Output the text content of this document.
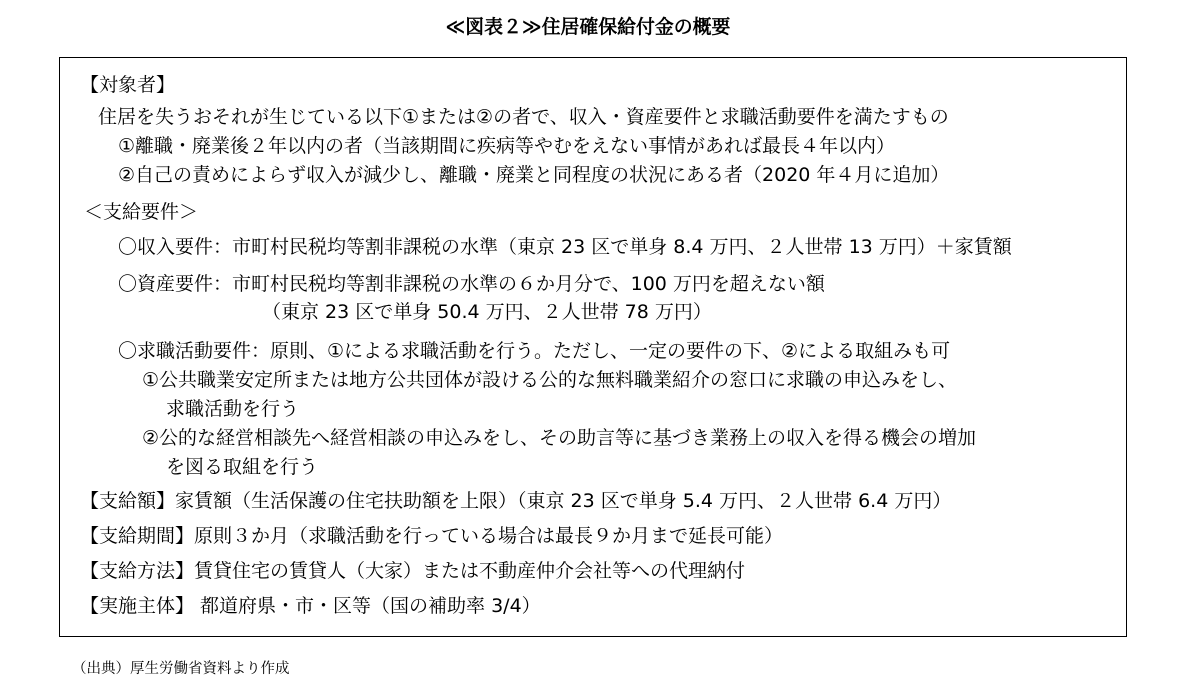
≪図表２≫住居確保給付金の概要
【対象者】
住居を失うおそれが生じている以下①または②の者で、収入・資産要件と求職活動要件を満たすもの
①離職・廃業後２年以内の者（当該期間に疾病等やむをえない事情があれば最長４年以内）
②自己の責めによらず収入が減少し、離職・廃業と同程度の状況にある者（2020 年４月に追加）
＜支給要件＞
〇収入要件：市町村民税均等割非課税の水準（東京 23 区で単身 8.4 万円、２人世帯 13 万円）＋家賃額
〇資産要件：市町村民税均等割非課税の水準の６か月分で、100 万円を超えない額
（東京 23 区で単身 50.4 万円、２人世帯 78 万円）
〇求職活動要件：原則、①による求職活動を行う。ただし、一定の要件の下、②による取組みも可
①公共職業安定所または地方公共団体が設ける公的な無料職業紹介の窓口に求職の申込みをし、
求職活動を行う
②公的な経営相談先へ経営相談の申込みをし、その助言等に基づき業務上の収入を得る機会の増加
を図る取組を行う
【支給額】家賃額（生活保護の住宅扶助額を上限）（東京 23 区で単身 5.4 万円、２人世帯 6.4 万円）
【支給期間】原則３か月（求職活動を行っている場合は最長９か月まで延長可能）
【支給方法】賃貸住宅の賃貸人（大家）または不動産仲介会社等への代理納付
【実施主体】 都道府県・市・区等（国の補助率 3/4）
（出典）厚生労働省資料より作成
